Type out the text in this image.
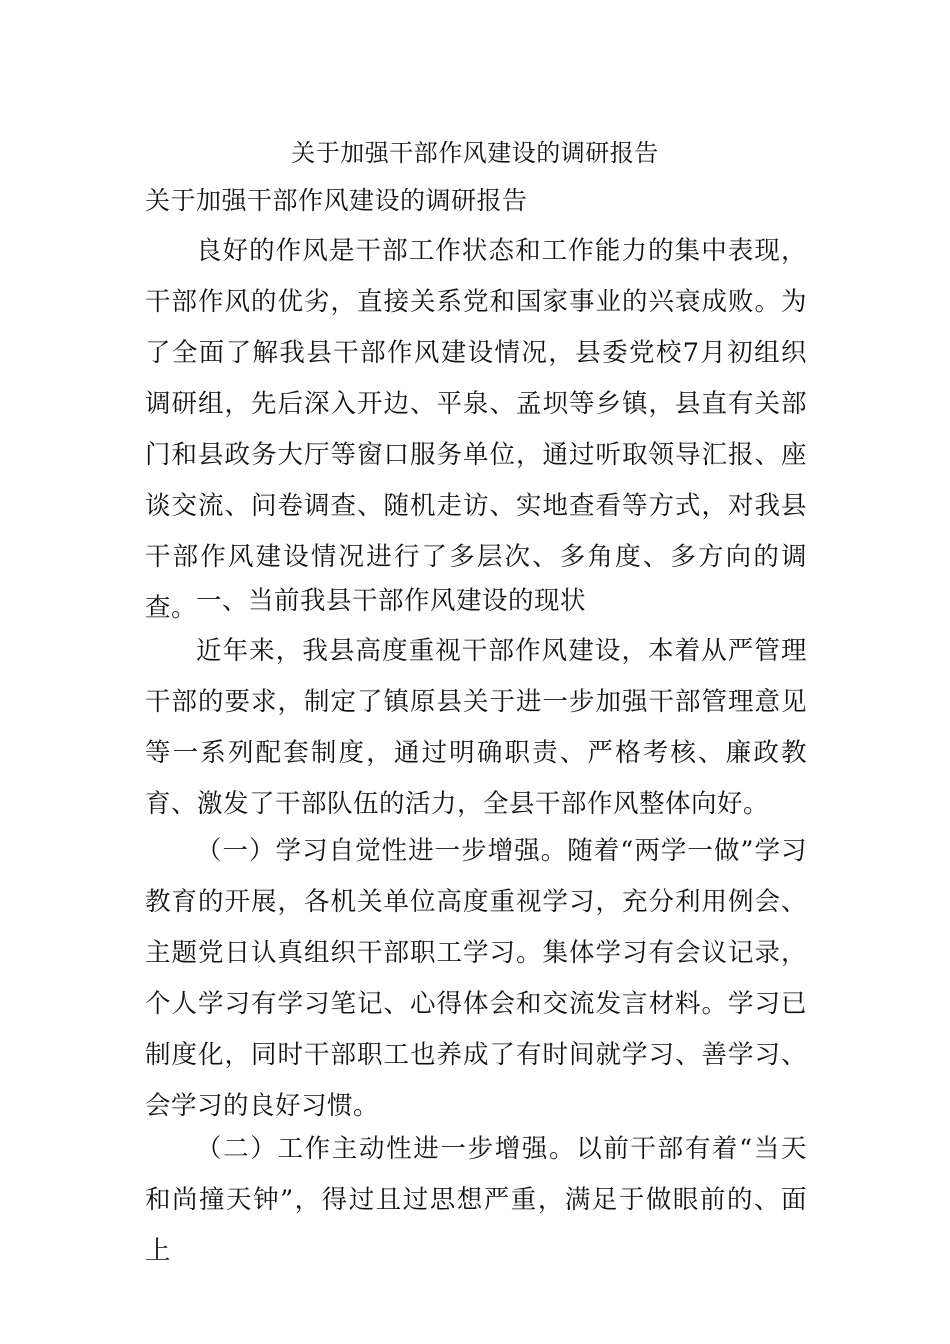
关于加强干部作风建设的调研报告
关于加强干部作风建设的调研报告

良好的作风是干部工作状态和工作能力的集中表现，干部作风的优劣，直接关系党和国家事业的兴衰成败。为了全面了解我县干部作风建设情况，县委党校7月初组织调研组，先后深入开边、平泉、孟坝等乡镇，县直有关部门和县政务大厅等窗口服务单位，通过听取领导汇报、座谈交流、问卷调查、随机走访、实地查看等方式，对我县干部作风建设情况进行了多层次、多角度、多方向的调查。

一、当前我县干部作风建设的现状

近年来，我县高度重视干部作风建设，本着从严管理干部的要求，制定了镇原县关于进一步加强干部管理意见等一系列配套制度，通过明确职责、严格考核、廉政教育、激发了干部队伍的活力，全县干部作风整体向好。

（一）学习自觉性进一步增强。随着“两学一做”学习教育的开展，各机关单位高度重视学习，充分利用例会、主题党日认真组织干部职工学习。集体学习有会议记录，个人学习有学习笔记、心得体会和交流发言材料。学习已制度化，同时干部职工也养成了有时间就学习、善学习、会学习的良好习惯。

（二）工作主动性进一步增强。以前干部有着“当天和尚撞天钟”，得过且过思想严重，满足于做眼前的、面上
